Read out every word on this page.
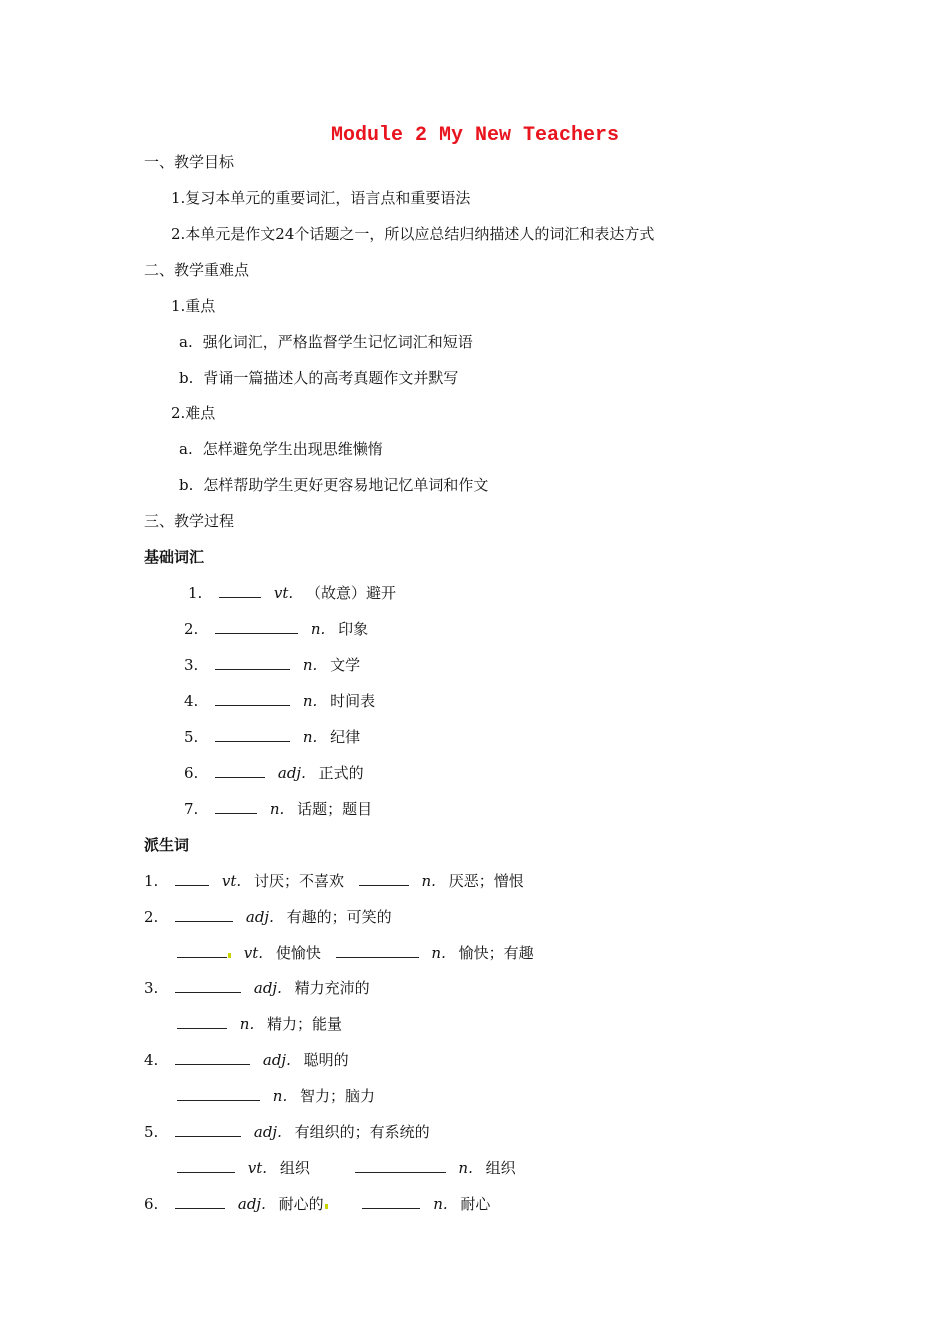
Module 2 My New Teachers
一、教学目标
1.复习本单元的重要词汇，语言点和重要语法
2.本单元是作文24个话题之一，所以应总结归纳描述人的词汇和表达方式
二、教学重难点
1.重点
a. 强化词汇，严格监督学生记忆词汇和短语
b. 背诵一篇描述人的高考真题作文并默写
2.难点
a. 怎样避免学生出现思维懒惰
b. 怎样帮助学生更好更容易地记忆单词和作文
三、教学过程
基础词汇
1.	vt. （故意）避开
2.	n. 印象
3.	n. 文学
4.	n. 时间表
5.	n. 纪律
6.	adj. 正式的
7.	n. 话题；题目
派生词
1.	vt. 讨厌；不喜欢	n. 厌恶；憎恨
2.	adj. 有趣的；可笑的
vt. 使愉快	n. 愉快；有趣
3.	adj. 精力充沛的
n. 精力；能量
4.	adj. 聪明的
n. 智力；脑力
5.	adj. 有组织的；有系统的
vt. 组织	n. 组织
6.	adj. 耐心的	n. 耐心
